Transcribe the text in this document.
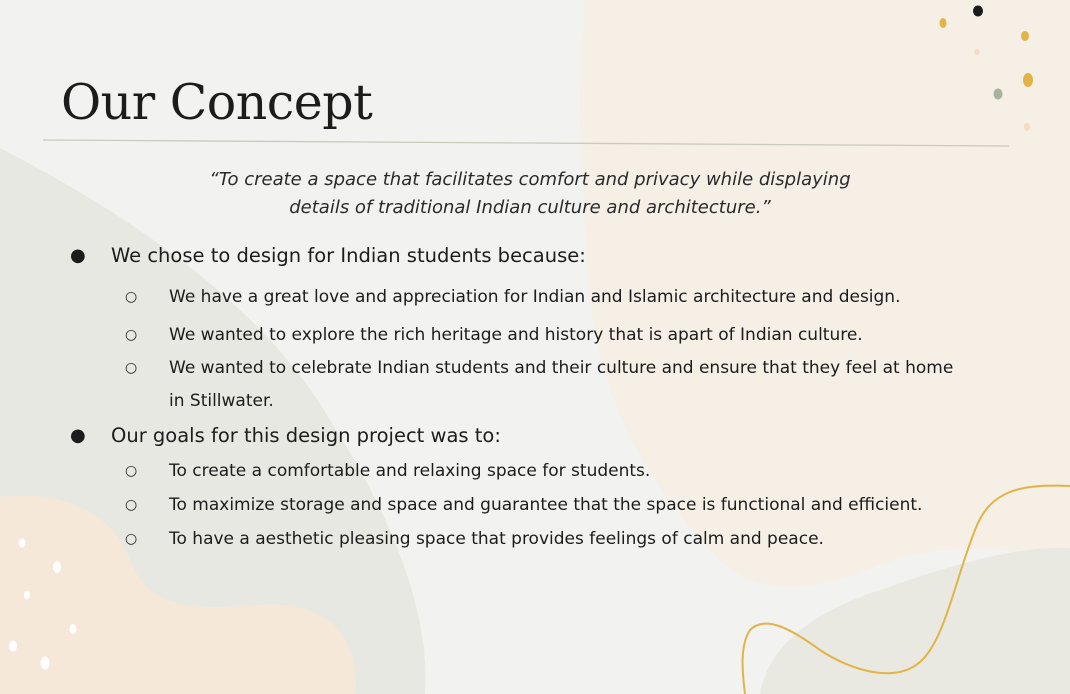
Our Concept
“To create a space that facilitates comfort and privacy while displaying
details of traditional Indian culture and architecture.”
● We chose to design for Indian students because:
○ We have a great love and appreciation for Indian and Islamic architecture and design.
○ We wanted to explore the rich heritage and history that is apart of Indian culture.
○ We wanted to celebrate Indian students and their culture and ensure that they feel at home
in Stillwater.
● Our goals for this design project was to:
○ To create a comfortable and relaxing space for students.
○ To maximize storage and space and guarantee that the space is functional and efficient.
○ To have a aesthetic pleasing space that provides feelings of calm and peace.
